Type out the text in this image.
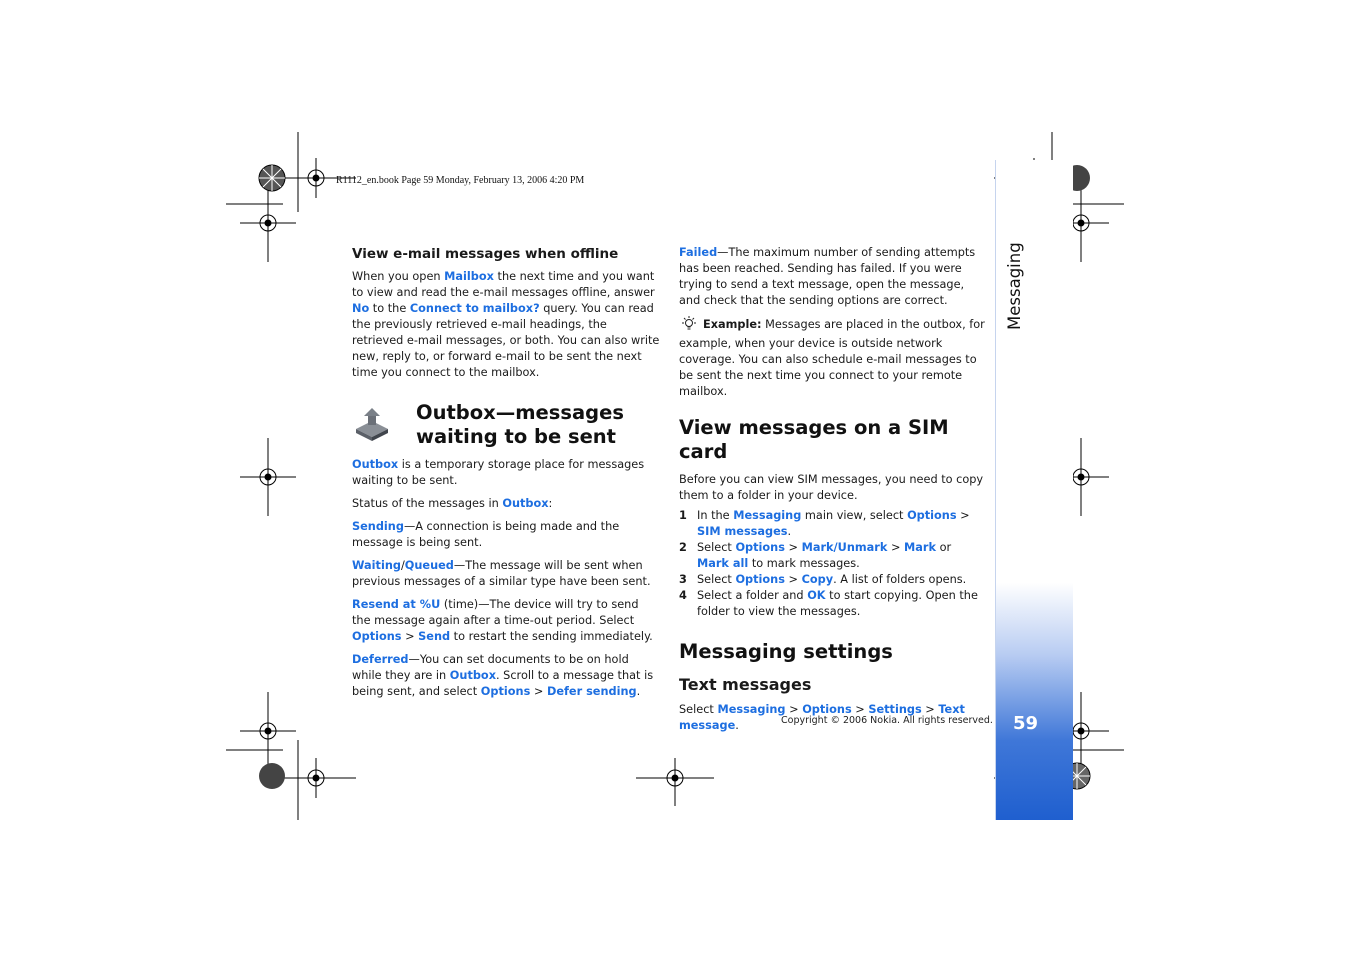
R1112_en.book Page 59 Monday, February 13, 2006 4:20 PM
Messaging
59
View e-mail messages when offline

When you open Mailbox the next time and you want to view and read the e-mail messages offline, answer No to the Connect to mailbox? query. You can read the previously retrieved e-mail headings, the retrieved e-mail messages, or both. You can also write new, reply to, or forward e-mail to be sent the next time you connect to the mailbox.

Outbox—messages waiting to be sent

Outbox is a temporary storage place for messages waiting to be sent.

Status of the messages in Outbox:

Sending—A connection is being made and the message is being sent.

Waiting/Queued—The message will be sent when previous messages of a similar type have been sent.

Resend at %U (time)—The device will try to send the message again after a time-out period. Select Options > Send to restart the sending immediately.

Deferred—You can set documents to be on hold while they are in Outbox. Scroll to a message that is being sent, and select Options > Defer sending.

Failed—The maximum number of sending attempts has been reached. Sending has failed. If you were trying to send a text message, open the message, and check that the sending options are correct.

Example: Messages are placed in the outbox, for example, when your device is outside network coverage. You can also schedule e-mail messages to be sent the next time you connect to your remote mailbox.

View messages on a SIM card

Before you can view SIM messages, you need to copy them to a folder in your device.

1 In the Messaging main view, select Options > SIM messages.
2 Select Options > Mark/Unmark > Mark or Mark all to mark messages.
3 Select Options > Copy. A list of folders opens.
4 Select a folder and OK to start copying. Open the folder to view the messages.
Messaging settings
Text messages

Select Messaging > Options > Settings > Text message.	Copyright © 2006 Nokia. All rights reserved.
